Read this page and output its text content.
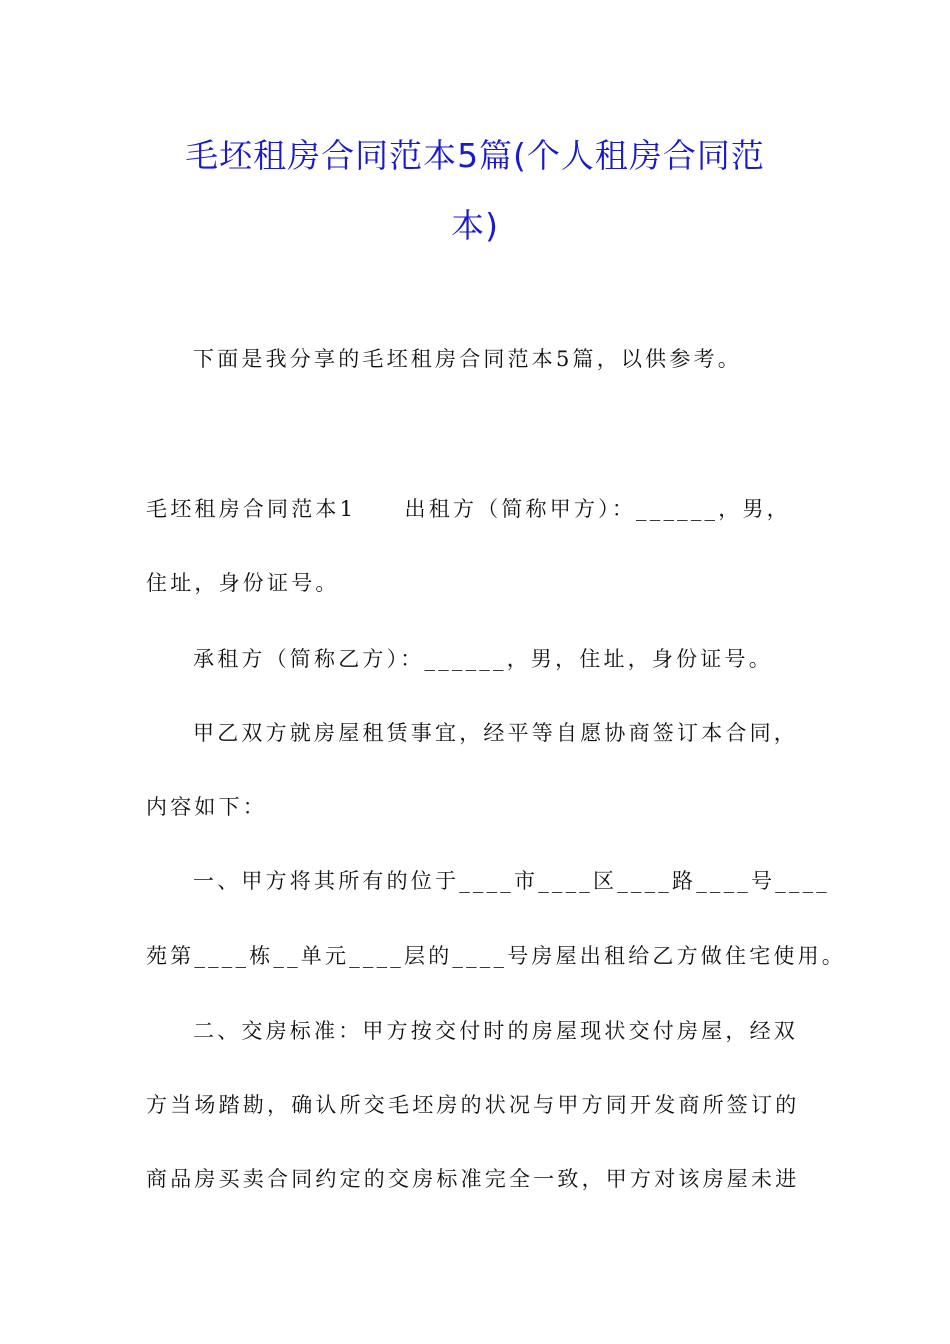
毛坯租房合同范本5篇(个人租房合同范
本)
下面是我分享的毛坯租房合同范本5篇，以供参考。
毛坯租房合同范本1　　出租方（简称甲方）：______，男，
住址，身份证号。
承租方（简称乙方）：______，男，住址，身份证号。
甲乙双方就房屋租赁事宜，经平等自愿协商签订本合同，
内容如下：
一、甲方将其所有的位于____市____区____路____号____
苑第____栋__单元____层的____号房屋出租给乙方做住宅使用。
二、交房标准：甲方按交付时的房屋现状交付房屋，经双
方当场踏勘，确认所交毛坯房的状况与甲方同开发商所签订的
商品房买卖合同约定的交房标准完全一致，甲方对该房屋未进
